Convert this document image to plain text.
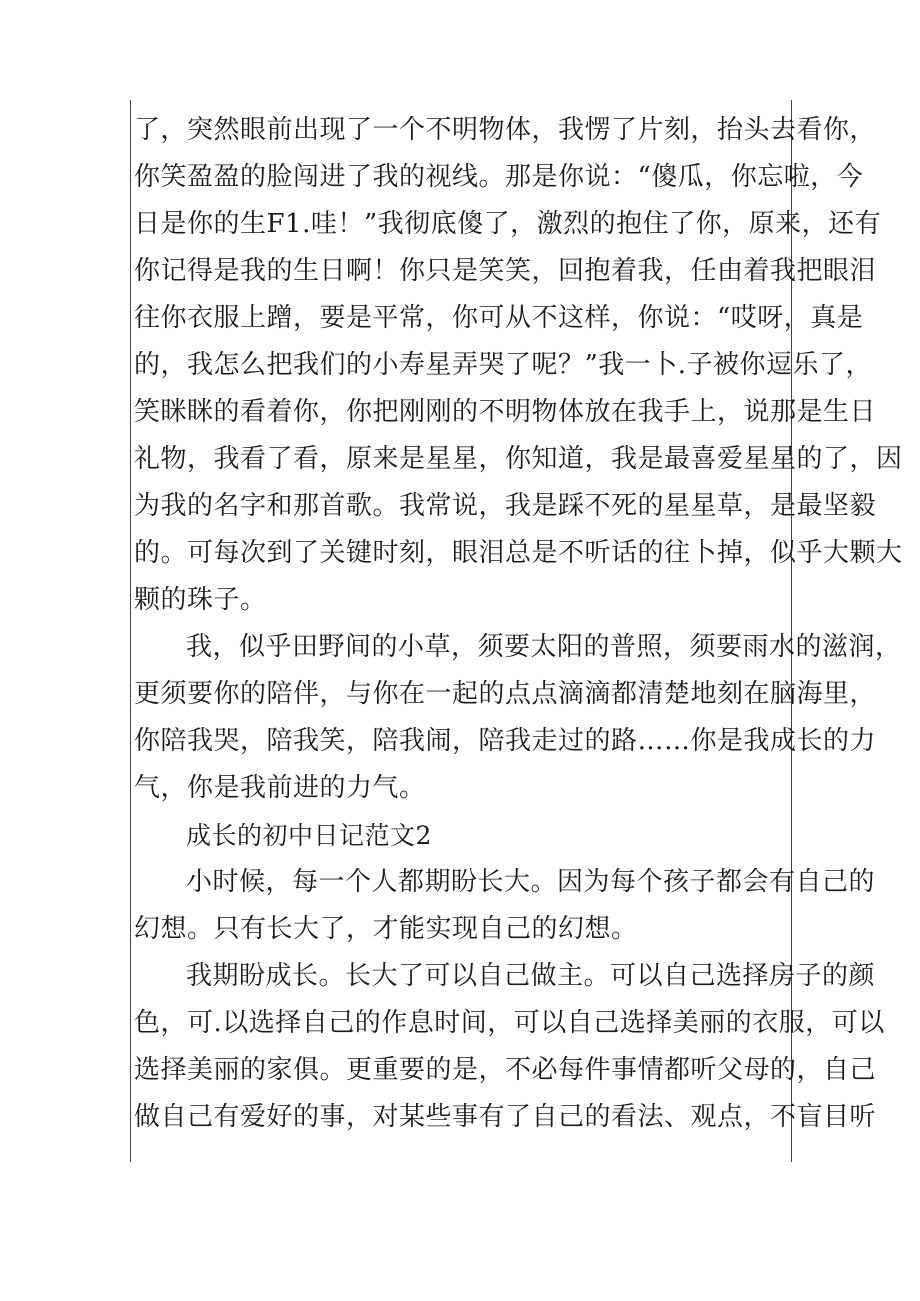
了，突然眼前出现了一个不明物体，我愣了片刻，抬头去看你，
你笑盈盈的脸闯进了我的视线。那是你说：“傻瓜，你忘啦，今
日是你的生F1.哇！”我彻底傻了，激烈的抱住了你，原来，还有
你记得是我的生日啊！你只是笑笑，回抱着我，任由着我把眼泪
往你衣服上蹭，要是平常，你可从不这样，你说：“哎呀，真是
的，我怎么把我们的小寿星弄哭了呢？”我一卜.子被你逗乐了，
笑眯眯的看着你，你把刚刚的不明物体放在我手上，说那是生日
礼物，我看了看，原来是星星，你知道，我是最喜爱星星的了，因
为我的名字和那首歌。我常说，我是踩不死的星星草，是最坚毅
的。可每次到了关键时刻，眼泪总是不听话的往卜掉，似乎大颗大
颗的珠子。
我，似乎田野间的小草，须要太阳的普照，须要雨水的滋润，
更须要你的陪伴，与你在一起的点点滴滴都清楚地刻在脑海里，
你陪我哭，陪我笑，陪我闹，陪我走过的路……你是我成长的力
气，你是我前进的力气。
成长的初中日记范文2
小时候，每一个人都期盼长大。因为每个孩子都会有自己的
幻想。只有长大了，才能实现自己的幻想。
我期盼成长。长大了可以自己做主。可以自己选择房子的颜
色，可.以选择自己的作息时间，可以自己选择美丽的衣服，可以
选择美丽的家俱。更重要的是，不必每件事情都听父母的，自己
做自己有爱好的事，对某些事有了自己的看法、观点，不盲目听
